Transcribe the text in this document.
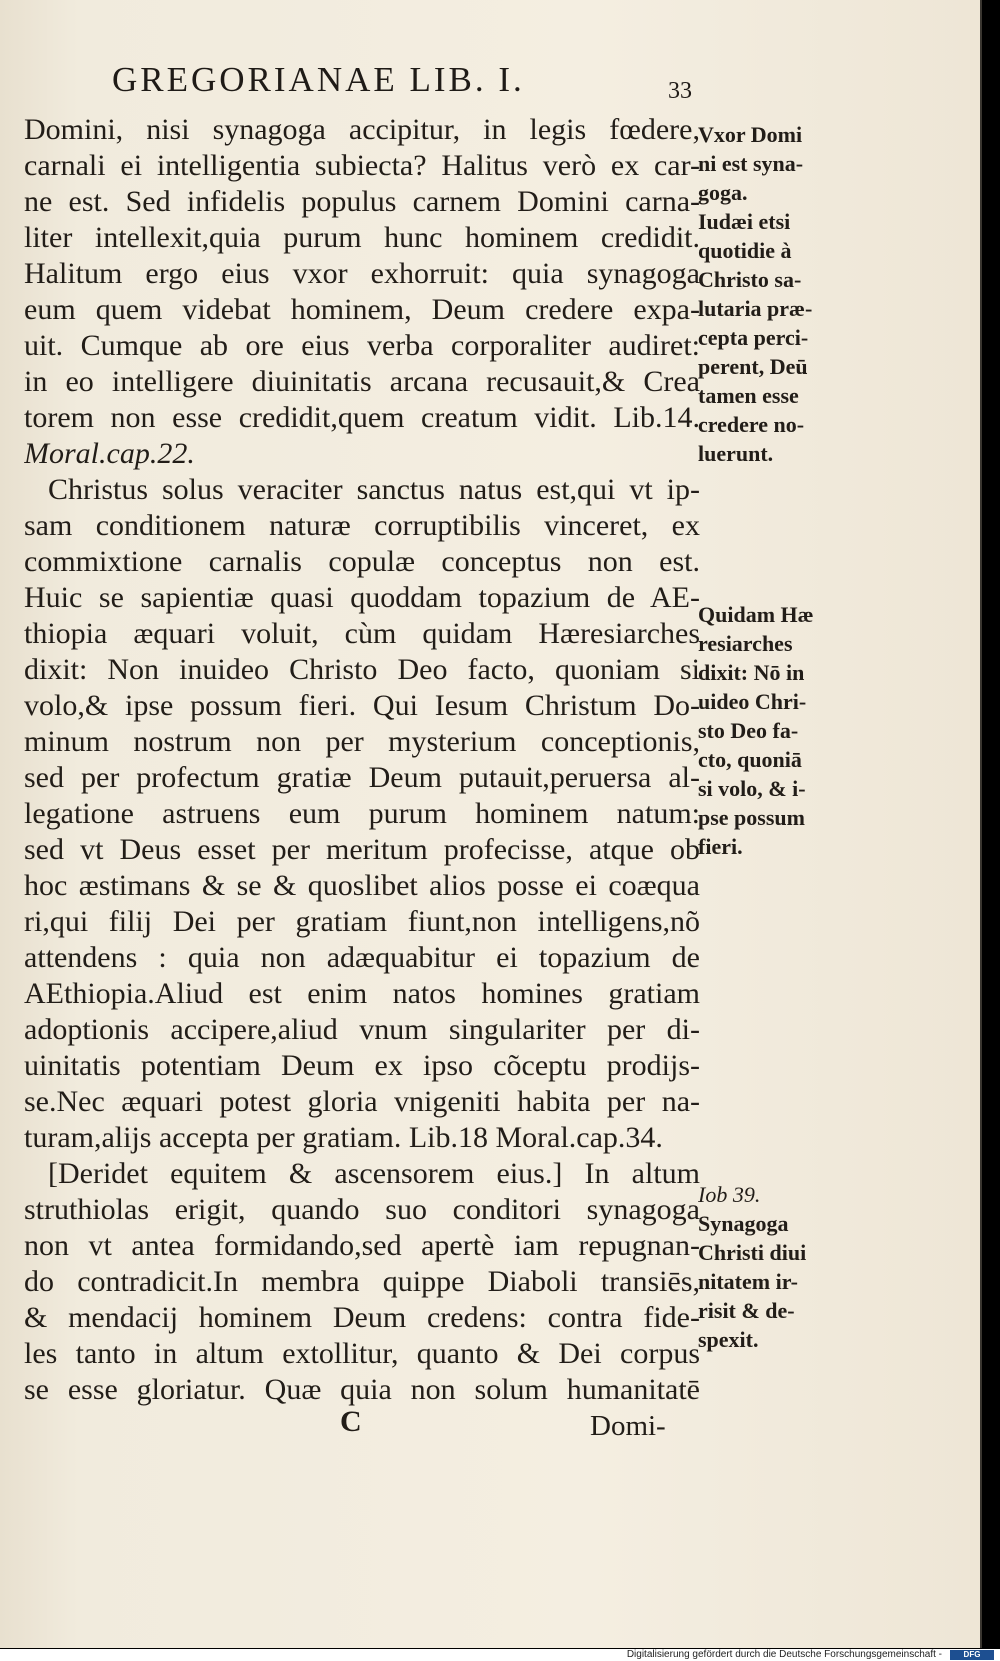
GREGORIANAE LIB. I.	33
Domini, nisi synagoga accipitur, in legis fœdere,
carnali ei intelligentia subiecta? Halitus verò ex car-
ne est. Sed infidelis populus carnem Domini carna-
liter intellexit,quia purum hunc hominem credidit.
Halitum ergo eius vxor exhorruit: quia synagoga
eum quem videbat hominem, Deum credere expa-
uit. Cumque ab ore eius verba corporaliter audiret:
in eo intelligere diuinitatis arcana recusauit,& Crea
torem non esse credidit,quem creatum vidit. Lib.14.
Moral.cap.22.
Christus solus veraciter sanctus natus est,qui vt ip-
sam conditionem naturæ corruptibilis vinceret, ex
commixtione carnalis copulæ conceptus non est.
Huic se sapientiæ quasi quoddam topazium de AE-
thiopia æquari voluit, cùm quidam Hæresiarches
dixit: Non inuideo Christo Deo facto, quoniam si
volo,& ipse possum fieri. Qui Iesum Christum Do-
minum nostrum non per mysterium conceptionis,
sed per profectum gratiæ Deum putauit,peruersa al-
legatione astruens eum purum hominem natum:
sed vt Deus esset per meritum profecisse, atque ob
hoc æstimans & se & quoslibet alios posse ei coæqua
ri,qui filij Dei per gratiam fiunt,non intelligens,nõ
attendens : quia non adæquabitur ei topazium de
AEthiopia.Aliud est enim natos homines gratiam
adoptionis accipere,aliud vnum singulariter per di-
uinitatis potentiam Deum ex ipso cõceptu prodijs-
se.Nec æquari potest gloria vnigeniti habita per na-
turam,alijs accepta per gratiam. Lib.18 Moral.cap.34.
[Deridet equitem & ascensorem eius.] In altum
struthiolas erigit, quando suo conditori synagoga
non vt antea formidando,sed apertè iam repugnan-
do contradicit.In membra quippe Diaboli transiēs,
& mendacij hominem Deum credens: contra fide-
les tanto in altum extollitur, quanto & Dei corpus
se esse gloriatur. Quæ quia non solum humanitatē
Vxor Domi
ni est syna-
goga.
Iudæi etsi
quotidie à
Christo sa-
lutaria præ-
cepta perci-
perent, Deū
tamen esse
credere no-
luerunt.
Quidam Hæ
resiarches
dixit: Nō in
uideo Chri-
sto Deo fa-
cto, quoniā
si volo, & i-
pse possum
fieri.
Iob 39.
Synagoga
Christi diui
nitatem ir-
risit & de-
spexit.
C	Domi-
Digitalisierung gefördert durch die Deutsche Forschungsgemeinschaft -	DFG
